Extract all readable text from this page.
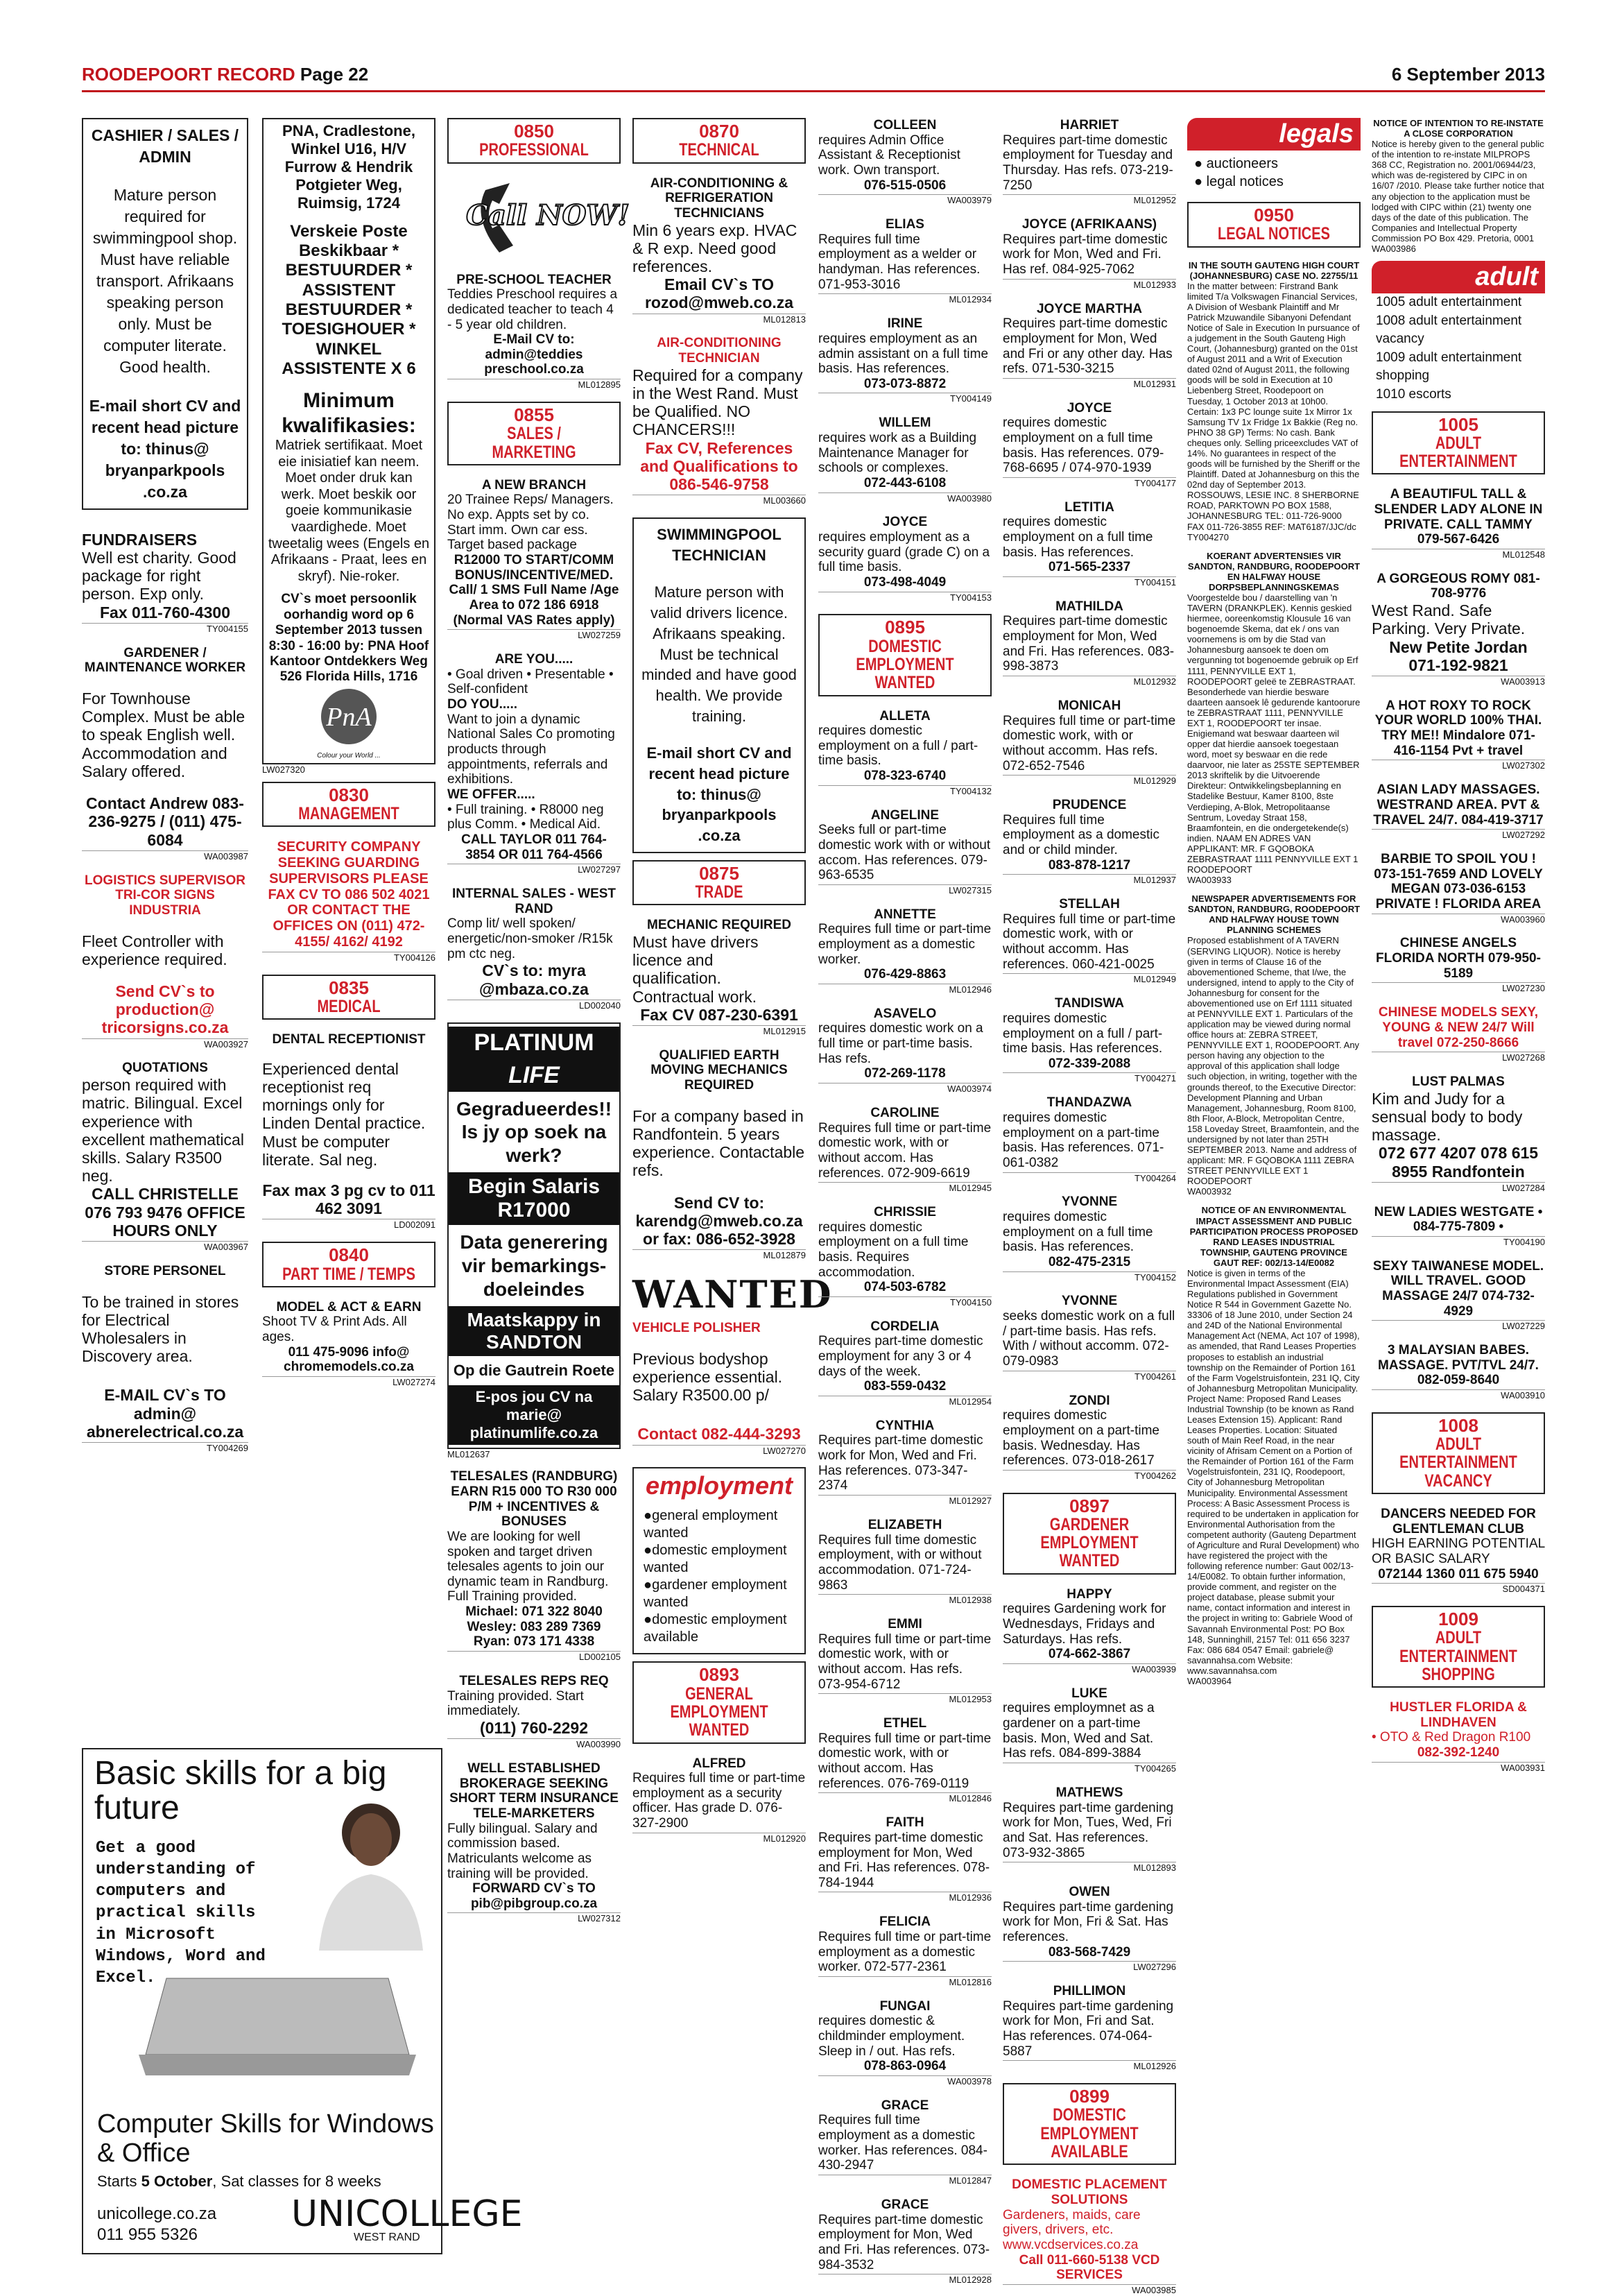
ROODEPOORT RECORD Page 22	6 September 2013
CASHIER / SALES / ADMIN
Mature person required for swimmingpool shop. Must have reliable transport. Afrikaans speaking person only. Must be computer literate. Good health.
E-mail short CV and recent head picture to: thinus@ bryanparkpools .co.za
FUNDRAISERS
Well est charity. Good package for right person. Exp only.
Fax 011-760-4300
TY004155
GARDENER / MAINTENANCE WORKER
For Townhouse Complex. Must be able to speak English well. Accommodation and Salary offered.
Contact Andrew 083-236-9275 / (011) 475-6084
WA003987
LOGISTICS SUPERVISOR TRI-COR SIGNS INDUSTRIA
Fleet Controller with experience required.
Send CV`s to production@ tricorsigns.co.za
WA003927
QUOTATIONS
person required with matric. Bilingual. Excel experience with excellent mathematical skills. Salary R3500 neg.
CALL CHRISTELLE 076 793 9476 OFFICE HOURS ONLY
WA003967
STORE PERSONEL
To be trained in stores for Electrical Wholesalers in Discovery area.
E-MAIL CV`s TO admin@ abnerelectrical.co.za
TY004269
PNA, Cradlestone, Winkel U16, H/V Furrow & Hendrik Potgieter Weg, Ruimsig, 1724
Verskeie Poste Beskikbaar * BESTUURDER * ASSISTENT BESTUURDER * TOESIGHOUER * WINKEL ASSISTENTE X 6
Minimum kwalifikasies:
Matriek sertifikaat. Moet eie inisiatief kan neem. Moet onder druk kan werk. Moet beskik oor goeie kommunikasie vaardighede. Moet tweetalig wees (Engels en Afrikaans - Praat, lees en skryf). Nie-roker.
CV`s moet persoonlik oorhandig word op 6 September 2013 tussen 8:30 - 16:00 by: PNA Hoof Kantoor Ontdekkers Weg 526 Florida Hills, 1716
PnA
Colour your World ...
LW027320
0830
MANAGEMENT
SECURITY COMPANY SEEKING GUARDING SUPERVISORS PLEASE FAX CV TO 086 502 4021 OR CONTACT THE OFFICES ON (011) 472-4155/ 4162/ 4192
TY004126
0835
MEDICAL
DENTAL RECEPTIONIST
Experienced dental receptionist req mornings only for Linden Dental practice. Must be computer literate. Sal neg.
Fax max 3 pg cv to 011 462 3091
LD002091
0840
PART TIME / TEMPS
MODEL & ACT & EARN
Shoot TV & Print Ads. All ages.
011 475-9096 info@ chromemodels.co.za
LW027274
0850
PROFESSIONAL
Call NOW!
PRE-SCHOOL TEACHER
Teddies Preschool requires a dedicated teacher to teach 4 - 5 year old children.
E-Mail CV to: admin@teddies preschool.co.za
ML012895
0855
SALES / MARKETING
A NEW BRANCH
20 Trainee Reps/ Managers. No exp. Appts set by co. Start imm. Own car ess. Target based package
R12000 TO START/COMM BONUS/INCENTIVE/MED. Call/ 1 SMS Full Name /Age Area to 072 186 6918 (Normal VAS Rates apply)
LW027259
ARE YOU.....
• Goal driven • Presentable • Self-confident
DO YOU.....
Want to join a dynamic National Sales Co promoting products through appointments, referrals and exhibitions.
WE OFFER.....
• Full training. • R8000 neg plus Comm. • Medical Aid.
CALL TAYLOR 011 764-3854 OR 011 764-4566
LW027297
INTERNAL SALES - WEST RAND
Comp lit/ well spoken/ energetic/non-smoker /R15k pm ctc neg.
CV`s to: myra @mbaza.co.za
LD002040
PLATINUM
LIFE
Gegradueerdes!! Is jy op soek na werk?
Begin Salaris R17000
Data generering vir bemarkings-doeleindes
Maatskappy in SANDTON
Op die Gautrein Roete
E-pos jou CV na marie@ platinumlife.co.za
ML012637
TELESALES (RANDBURG) EARN R15 000 TO R30 000 P/M + INCENTIVES & BONUSES
We are looking for well spoken and target driven telesales agents to join our dynamic team in Randburg. Full Training provided.
Michael: 071 322 8040 Wesley: 083 289 7369 Ryan: 073 171 4338
LD002105
TELESALES REPS REQ
Training provided. Start immediately.
(011) 760-2292
WA003990
WELL ESTABLISHED BROKERAGE SEEKING SHORT TERM INSURANCE TELE-MARKETERS
Fully bilingual. Salary and commission based. Matriculants welcome as training will be provided.
FORWARD CV`s TO pib@pibgroup.co.za
LW027312
0870
TECHNICAL
AIR-CONDITIONING & REFRIGERATION TECHNICIANS
Min 6 years exp. HVAC & R exp. Need good references.
Email CV`s TO rozod@mweb.co.za
ML012813
AIR-CONDITIONING TECHNICIAN
Required for a company in the West Rand. Must be Qualified. NO CHANCERS!!!
Fax CV, References and Qualifications to 086-546-9758
ML003660
SWIMMINGPOOL TECHNICIAN
Mature person with valid drivers licence. Afrikaans speaking. Must be technical minded and have good health. We provide training.
E-mail short CV and recent head picture to: thinus@ bryanparkpools .co.za
0875
TRADE
MECHANIC REQUIRED
Must have drivers licence and qualification. Contractual work.
Fax CV 087-230-6391
ML012915
QUALIFIED EARTH MOVING MECHANICS REQUIRED
For a company based in Randfontein. 5 years experience. Contactable refs.
Send CV to: karendg@mweb.co.za or fax: 086-652-3928
ML012879
WANTED
VEHICLE POLISHER
Previous bodyshop experience essential. Salary R3500.00 p/
Contact 082-444-3293
LW027270
employment
● general employment wanted
● domestic employment wanted
● gardener employment wanted
● domestic employment available
0893
GENERAL EMPLOYMENT WANTED
ALFRED
Requires full time or part-time employment as a security officer. Has grade D. 076-327-2900
ML012920
COLLEEN
requires Admin Office Assistant & Receptionist work. Own transport.
076-515-0506
WA003979
ELIAS
Requires full time employment as a welder or handyman. Has references. 071-953-3016
ML012934
IRINE
requires employment as an admin assistant on a full time basis. Has references.
073-073-8872
TY004149
WILLEM
requires work as a Building Maintenance Manager for schools or complexes.
072-443-6108
WA003980
JOYCE
requires employment as a security guard (grade C) on a full time basis.
073-498-4049
TY004153
0895
DOMESTIC EMPLOYMENT WANTED
ALLETA
requires domestic employment on a full / part-time basis.
078-323-6740
TY004132
ANGELINE
Seeks full or part-time domestic work with or without accom. Has references. 079-963-6535
LW027315
ANNETTE
Requires full time or part-time employment as a domestic worker.
076-429-8863
ML012946
ASAVELO
requires domestic work on a full time or part-time basis. Has refs.
072-269-1178
WA003974
CAROLINE
Requires full time or part-time domestic work, with or without accom. Has references. 072-909-6619
ML012945
CHRISSIE
requires domestic employment on a full time basis. Requires accommodation.
074-503-6782
TY004150
CORDELIA
Requires part-time domestic employment for any 3 or 4 days of the week.
083-559-0432
ML012954
CYNTHIA
Requires part-time domestic work for Mon, Wed and Fri. Has references. 073-347-2374
ML012927
ELIZABETH
Requires full time domestic employment, with or without accommodation. 071-724-9863
ML012938
EMMI
Requires full time or part-time domestic work, with or without accom. Has refs. 073-954-6712
ML012953
ETHEL
Requires full time or part-time domestic work, with or without accom. Has references. 076-769-0119
ML012846
FAITH
Requires part-time domestic employment for Mon, Wed and Fri. Has references. 078-784-1944
ML012936
FELICIA
Requires full time or part-time employment as a domestic worker. 072-577-2361
ML012816
FUNGAI
requires domestic & childminder employment. Sleep in / out. Has refs.
078-863-0964
WA003978
GRACE
Requires full time employment as a domestic worker. Has references. 084-430-2947
ML012847
GRACE
Requires part-time domestic employment for Mon, Wed and Fri. Has references. 073-984-3532
ML012928
HARRIET
Requires part-time domestic employment for Tuesday and Thursday. Has refs. 073-219-7250
ML012952
JOYCE (AFRIKAANS)
Requires part-time domestic work for Mon, Wed and Fri. Has ref. 084-925-7062
ML012933
JOYCE MARTHA
Requires part-time domestic employment for Mon, Wed and Fri or any other day. Has refs. 071-530-3215
ML012931
JOYCE
requires domestic employment on a full time basis. Has references. 079-768-6695 / 074-970-1939
TY004177
LETITIA
requires domestic employment on a full time basis. Has references.
071-565-2337
TY004151
MATHILDA
Requires part-time domestic employment for Mon, Wed and Fri. Has references. 083-998-3873
ML012932
MONICAH
Requires full time or part-time domestic work, with or without accomm. Has refs. 072-652-7546
ML012929
PRUDENCE
Requires full time employment as a domestic and or child minder.
083-878-1217
ML012937
STELLAH
Requires full time or part-time domestic work, with or without accomm. Has references. 060-421-0025
ML012949
TANDISWA
requires domestic employment on a full / part-time basis. Has references.
072-339-2088
TY004271
THANDAZWA
requires domestic employment on a part-time basis. Has references. 071-061-0382
TY004264
YVONNE
requires domestic employment on a full time basis. Has references.
082-475-2315
TY004152
YVONNE
seeks domestic work on a full / part-time basis. Has refs. With / without accomm. 072-079-0983
TY004261
ZONDI
requires domestic employment on a part-time basis. Wednesday. Has references. 073-018-2617
TY004262
0897
GARDENER EMPLOYMENT WANTED
HAPPY
requires Gardening work for Wednesdays, Fridays and Saturdays. Has refs.
074-662-3867
WA003939
LUKE
requires employmnet as a gardener on a part-time basis. Mon, Wed and Sat. Has refs. 084-899-3884
TY004265
MATHEWS
Requires part-time gardening work for Mon, Tues, Wed, Fri and Sat. Has references. 073-932-3865
ML012893
OWEN
Requires part-time gardening work for Mon, Fri & Sat. Has references.
083-568-7429
LW027296
PHILLIMON
Requires part-time gardening work for Mon, Fri and Sat. Has references. 074-064-5887
ML012926
0899
DOMESTIC EMPLOYMENT AVAILABLE
DOMESTIC PLACEMENT SOLUTIONS
Gardeners, maids, care givers, drivers, etc. www.vcdservices.co.za
Call 011-660-5138 VCD SERVICES
WA003985
legals
● auctioneers
● legal notices
0950
LEGAL NOTICES
IN THE SOUTH GAUTENG HIGH COURT (JOHANNESBURG) CASE NO. 22755/11
In the matter between: Firstrand Bank limited T/a Volkswagen Financial Services, A Division of Wesbank Plaintiff and Mr Patrick Mzuwandile Sibanyoni Defendant Notice of Sale in Execution In pursuance of a judgement in the South Gauteng High Court, (Johannesburg) granted on the 01st of August 2011 and a Writ of Execution dated 02nd of August 2011, the following goods will be sold in Execution at 10 Liebenberg Street, Roodepoort on Tuesday, 1 October 2013 at 10h00. Certain: 1x3 PC lounge suite 1x Mirror 1x Samsung TV 1x Fridge 1x Bakkie (Reg no. PHNO 38 GP) Terms: No cash. Bank cheques only. Selling priceexcludes VAT of 14%. No guarantees in respect of the goods will be furnished by the Sheriff or the Plaintiff. Dated at Johannesburg on this the 02nd day of September 2013. ROSSOUWS, LESIE INC. 8 SHERBORNE ROAD, PARKTOWN PO BOX 1588, JOHANNESBURG TEL: 011-726-9000 FAX 011-726-3855 REF: MAT6187/JJC/dc
TY004270
KOERANT ADVERTENSIES VIR SANDTON, RANDBURG, ROODEPOORT EN HALFWAY HOUSE DORPSBEPLANNINGSKEMAS
Voorgestelde bou / daarstelling van 'n TAVERN (DRANKPLEK). Kennis geskied hiermee, ooreenkomstig Klousule 16 van bogenoemde Skema, dat ek / ons van voornemens is om by die Stad van Johannesburg aansoek te doen om vergunning tot bogenoemde gebruik op Erf 1111, PENNYVILLE EXT 1, ROODEPOORT geleë te ZEBRASTRAAT. Besonderhede van hierdie besware daarteen aansoek lê gedurende kantoorure te ZEBRASTRAAT 1111, PENNYVILLE EXT 1, ROODEPOORT ter insae. Enigiemand wat beswaar daarteen wil opper dat hierdie aansoek toegestaan word, moet sy beswaar en die rede daarvoor, nie later as 25STE SEPTEMBER 2013 skriftelik by die Uitvoerende Direkteur: Ontwikkelingsbeplanning en Stadelike Bestuur, Kamer 8100, 8ste Verdieping, A-Blok, Metropolitaanse Sentrum, Loveday Straat 158, Braamfontein, en die ondergetekende(s) indien. NAAM EN ADRES VAN APPLIKANT: MR. F GQOBOKA ZEBRASTRAAT 1111 PENNYVILLE EXT 1 ROODEPOORT
WA003933
NEWSPAPER ADVERTISEMENTS FOR SANDTON, RANDBURG, ROODEPOORT AND HALFWAY HOUSE TOWN PLANNING SCHEMES
Proposed establishment of A TAVERN (SERVING LIQUOR). Notice is hereby given in terms of Clause 16 of the abovementioned Scheme, that I/we, the undersigned, intend to apply to the City of Johannesburg for consent for the abovementioned use on Erf 1111 situated at PENNYVILLE EXT 1. Particulars of the application may be viewed during normal office hours at: ZEBRA STREET, PENNYVILLE EXT 1, ROODEPOORT. Any person having any objection to the approval of this application shall lodge such objection, in writing, together with the grounds thereof, to the Executive Director: Development Planning and Urban Management, Johannesburg, Room 8100, 8th Floor, A-Block, Metropolitan Centre, 158 Loveday Street, Braamfontein, and the undersigned by not later than 25TH SEPTEMBER 2013. Name and address of applicant: MR. F GQOBOKA 1111 ZEBRA STREET PENNYVILLE EXT 1 ROODEPOORT
WA003932
NOTICE OF AN ENVIRONMENTAL IMPACT ASSESSMENT AND PUBLIC PARTICIPATION PROCESS PROPOSED RAND LEASES INDUSTRIAL TOWNSHIP, GAUTENG PROVINCE GAUT REF: 002/13-14/E0082
Notice is given in terms of the Environmental Impact Assessment (EIA) Regulations published in Government Notice R 544 in Government Gazette No. 33306 of 18 June 2010, under Section 24 and 24D of the National Environmental Management Act (NEMA, Act 107 of 1998), as amended, that Rand Leases Properties proposes to establish an industrial township on the Remainder of Portion 161 of the Farm Vogelstruisfontein, 231 IQ, City of Johannesburg Metropolitan Municipality. Project Name: Proposed Rand Leases Industrial Township (to be known as Rand Leases Extension 15). Applicant: Rand Leases Properties. Location: Situated south of Main Reef Road, in the near vicinity of Afrisam Cement on a Portion of the Remainder of Portion 161 of the Farm Vogelstruisfontein, 231 IQ, Roodepoort, City of Johannesburg Metropolitan Municipality. Environmental Assessment Process: A Basic Assessment Process is required to be undertaken in application for Environmental Authorisation from the competent authority (Gauteng Department of Agriculture and Rural Development) who have registered the project with the following reference number: Gaut 002/13-14/E0082. To obtain further information, provide comment, and register on the project database, please submit your name, contact information and interest in the project in writing to: Gabriele Wood of Savannah Environmental Post: PO Box 148, Sunninghill, 2157 Tel: 011 656 3237 Fax: 086 684 0547 Email: gabriele@ savannahsa.com Website: www.savannahsa.com
WA003964
NOTICE OF INTENTION TO RE-INSTATE A CLOSE CORPORATION
Notice is hereby given to the general public of the intention to re-instate MILPROPS 368 CC, Registration no. 2001/06944/23, which was de-registered by CIPC in on 16/07 /2010. Please take further notice that any objection to the application must be lodged with CIPC within (21) twenty one days of the date of this publication. The Companies and Intellectual Property Commission PO Box 429. Pretoria, 0001
WA003986
adult
1005 adult entertainment
1008 adult entertainment vacancy
1009 adult entertainment shopping
1010 escorts
1005
ADULT ENTERTAINMENT
A BEAUTIFUL TALL & SLENDER LADY ALONE IN PRIVATE. CALL TAMMY
079-567-6426
ML012548
A GORGEOUS ROMY 081-708-9776
West Rand. Safe Parking. Very Private.
New Petite Jordan 071-192-9821
WA003913
A HOT ROXY TO ROCK YOUR WORLD 100% THAI. TRY ME!! Mindalore 071-416-1154 Pvt + travel
LW027302
ASIAN LADY MASSAGES. WESTRAND AREA. PVT & TRAVEL 24/7. 084-419-3717
LW027292
BARBIE TO SPOIL YOU ! 073-151-7659 AND LOVELY MEGAN 073-036-6153 PRIVATE ! FLORIDA AREA
WA003960
CHINESE ANGELS FLORIDA NORTH 079-950-5189
LW027230
CHINESE MODELS SEXY, YOUNG & NEW 24/7 Will travel 072-250-8666
LW027268
LUST PALMAS
Kim and Judy for a sensual body to body massage.
072 677 4207 078 615 8955 Randfontein
LW027284
NEW LADIES WESTGATE • 084-775-7809 •
TY004190
SEXY TAIWANESE MODEL. WILL TRAVEL. GOOD MASSAGE 24/7 074-732-4929
LW027229
3 MALAYSIAN BABES. MASSAGE. PVT/TVL 24/7. 082-059-8640
WA003910
1008
ADULT ENTERTAINMENT VACANCY
DANCERS NEEDED FOR GLENTLEMAN CLUB
HIGH EARNING POTENTIAL OR BASIC SALARY
072144 1360 011 675 5940
SD004371
1009
ADULT ENTERTAINMENT SHOPPING
HUSTLER FLORIDA & LINDHAVEN
• OTO & Red Dragon R100
082-392-1240
WA003931
Basic skills for a big future
Get a good understanding of computers and practical skills in Microsoft Windows, Word and Excel.
Computer Skills for Windows & Office
Starts 5 October, Sat classes for 8 weeks
unicollege.co.za
011 955 5326	UNICOLLEGE
WEST RAND
